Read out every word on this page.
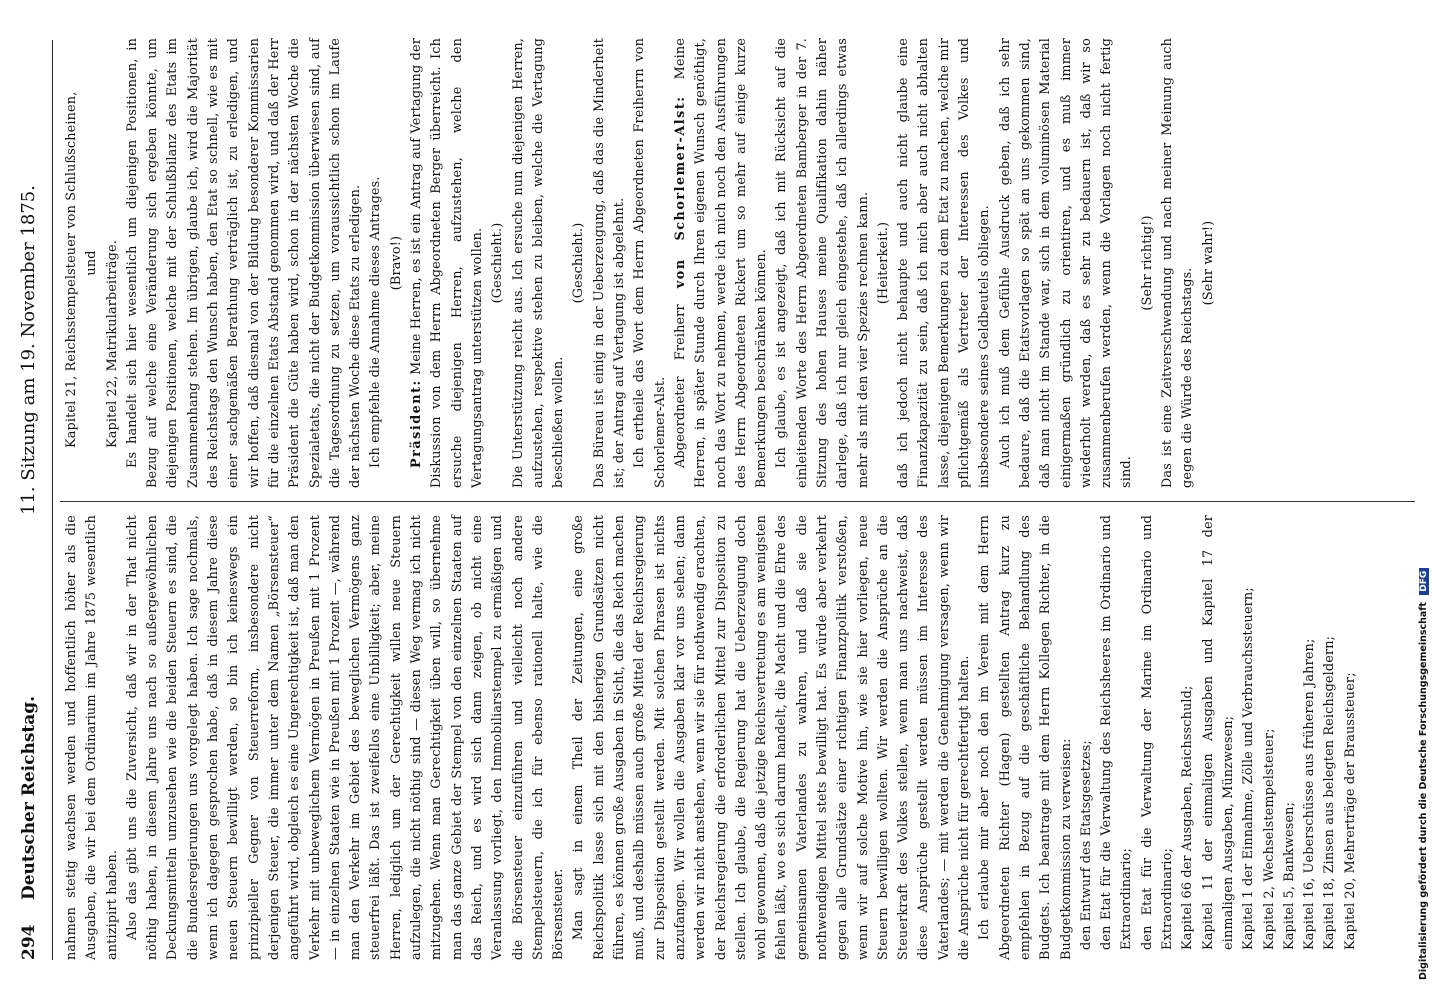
294
Deutscher Reichstag.
11. Sitzung am 19. November 1875.

nahmen stetig wachsen werden und hoffentlich höher als die Ausgaben, die wir bei dem Ordinarium im Jahre 1875 wesentlich antizipirt haben. Also das gibt uns die Zuversicht, daß wir in der That nicht nöthig haben, in diesem Jahre uns nach so außergewöhnlichen Deckungsmitteln umzusehen wie die beiden Steuern es sind, die die Bundesregierungen uns vorgelegt haben. Ich sage nochmals, wenn ich dagegen gesprochen habe, daß in diesem Jahre diese neuen Steuern bewilligt werden, so bin ich keineswegs ein prinzipieller Gegner von Steuerreform, insbesondere nicht derjenigen Steuer, die immer unter dem Namen „Börsensteuer“ angeführt wird, obgleich es eine Ungerechtigkeit ist, daß man den Verkehr mit unbeweglichem Vermögen in Preußen mit 1 Prozent — in einzelnen Staaten wie in Preußen mit 1 Prozent —, während man den Verkehr im Gebiet des beweglichen Vermögens ganz steuerfrei läßt. Das ist zweifellos eine Unbilligkeit; aber, meine Herren, lediglich um der Gerechtigkeit willen neue Steuern aufzulegen, die nicht nöthig sind — diesen Weg vermag ich nicht mitzugehen. Wenn man Gerechtigkeit üben will, so übernehme man das ganze Gebiet der Stempel von den einzelnen Staaten auf das Reich, und es wird sich dann zeigen, ob nicht eine Veranlassung vorliegt, den Immobiliarstempel zu ermäßigen und die Börsensteuer einzuführen und vielleicht noch andere Stempelsteuern, die ich für ebenso rationell halte, wie die Börsensteuer. Man sagt in einem Theil der Zeitungen, eine große Reichspolitik lasse sich mit den bisherigen Grundsätzen nicht führen, es können große Ausgaben in Sicht, die das Reich machen muß, und deshalb müssen auch große Mittel der Reichsregierung zur Disposition gestellt werden. Mit solchen Phrasen ist nichts anzufangen. Wir wollen die Ausgaben klar vor uns sehen; dann werden wir nicht anstehen, wenn wir sie für nothwendig erachten, der Reichsregierung die erforderlichen Mittel zur Disposition zu stellen. Ich glaube, die Regierung hat die Ueberzeugung doch wohl gewonnen, daß die jetzige Reichsvertretung es am wenigsten fehlen läßt, wo es sich darum handelt, die Macht und die Ehre des gemeinsamen Vaterlandes zu wahren, und daß sie die nothwendigen Mittel stets bewilligt hat. Es würde aber verkehrt gegen alle Grundsätze einer richtigen Finanzpolitik verstoßen, wenn wir auf solche Motive hin, wie sie hier vorliegen, neue Steuern bewilligen wollten. Wir werden die Ansprüche an die Steuerkraft des Volkes stellen, wenn man uns nachweist, daß diese Ansprüche gestellt werden müssen im Interesse des Vaterlandes; — mit werden die Genehmigung versagen, wenn wir die Ansprüche nicht für gerechtfertigt halten. Ich erlaube mir aber noch den im Verein mit dem Herrn Abgeordneten Richter (Hagen) gestellten Antrag kurz zu empfehlen in Bezug auf die geschäftliche Behandlung des Budgets. Ich beantrage mit dem Herrn Kollegen Richter, in die Budgetkommission zu verweisen: den Entwurf des Etatsgesetzes; den Etat für die Verwaltung des Reichsheeres im Ordinario und Extraordinario; den Etat für die Verwaltung der Marine im Ordinario und Extraordinario; Kapitel 66 der Ausgaben, Reichsschuld; Kapitel 11 der einmaligen Ausgaben und Kapitel 17 der einmaligen Ausgaben, Münzwesen; Kapitel 1 der Einnahme, Zölle und Verbrauchssteuern; Kapitel 2, Wechselstempelsteuer; Kapitel 5, Bankwesen; Kapitel 16, Ueberschüsse aus früheren Jahren; Kapitel 18, Zinsen aus belegten Reichsgeldern; Kapitel 20, Mehrerträge der Braussteuer;

Kapitel 21, Reichsstempelsteuer von Schlußscheinen, und Kapitel 22, Matrikularbeiträge. Es handelt sich hier wesentlich um diejenigen Positionen, in Bezug auf welche eine Veränderung sich ergeben könnte, um diejenigen Positionen, welche mit der Schlußbilanz des Etats im Zusammenhang stehen. Im übrigen, glaube ich, wird die Majorität des Reichstags den Wunsch haben, den Etat so schnell, wie es mit einer sachgemäßen Berathung verträglich ist, zu erledigen, und wir hoffen, daß diesmal von der Bildung besonderer Kommissarien für die einzelnen Etats Abstand genommen wird, und daß der Herr Präsident die Güte haben wird, schon in der nächsten Woche die Spezialetats, die nicht der Budgetkommission überwiesen sind, auf die Tagesordnung zu setzen, um voraussichtlich schon im Laufe der nächsten Woche diese Etats zu erledigen. Ich empfehle die Annahme dieses Antrages. (Bravo!)

Präsident: Meine Herren, es ist ein Antrag auf Vertagung der Diskussion von dem Herrn Abgeordneten Berger überreicht. Ich ersuche diejenigen Herren, aufzustehen, welche den Vertagungsantrag unterstützen wollen. (Geschieht.) Die Unterstützung reicht aus. Ich ersuche nun diejenigen Herren, aufzustehen, respektive stehen zu bleiben, welche die Vertagung beschließen wollen.

(Geschieht.) Das Büreau ist einig in der Ueberzeugung, daß das die Minderheit ist; der Antrag auf Vertagung ist abgelehnt. Ich ertheile das Wort dem Herrn Abgeordneten Freiherrn von Schorlemer-Alst. Abgeordneter Freiherr von Schorlemer-Alst: Meine Herren, in später Stunde durch Ihren eigenen Wunsch genöthigt, noch das Wort zu nehmen, werde ich mich noch den Ausführungen des Herrn Abgeordneten Rickert um so mehr auf einige kurze Bemerkungen beschränken können. Ich glaube, es ist angezeigt, daß ich mit Rücksicht auf die einleitenden Worte des Herrn Abgeordneten Bamberger in der 7. Sitzung des hohen Hauses meine Qualifikation dahin näher darlege, daß ich nur gleich eingestehe, daß ich allerdings etwas mehr als mit den vier Spezies rechnen kann. (Heiterkeit.) daß ich jedoch nicht behaupte und auch nicht glaube eine Finanzkapazität zu sein, daß ich mich aber auch nicht abhalten lasse, diejenigen Bemerkungen zu dem Etat zu machen, welche mir pflichtgemäß als Vertreter der Interessen des Volkes und insbesondere seines Geldbeutels obliegen. Auch ich muß dem Gefühle Ausdruck geben, daß ich sehr bedaure, daß die Etatsvorlagen so spät an uns gekommen sind, daß man nicht im Stande war, sich in dem voluminösen Material einigermaßen gründlich zu orientiren, und es muß immer wiederholt werden, daß es sehr zu bedauern ist, daß wir so zusammenberufen werden, wenn die Vorlagen noch nicht fertig sind.

(Sehr richtig!) Das ist eine Zeitverschwendung und nach meiner Meinung auch gegen die Würde des Reichstags.

(Sehr wahr!)

Digitalisierung gefördert durch die Deutsche Forschungsgemeinschaft DFG
